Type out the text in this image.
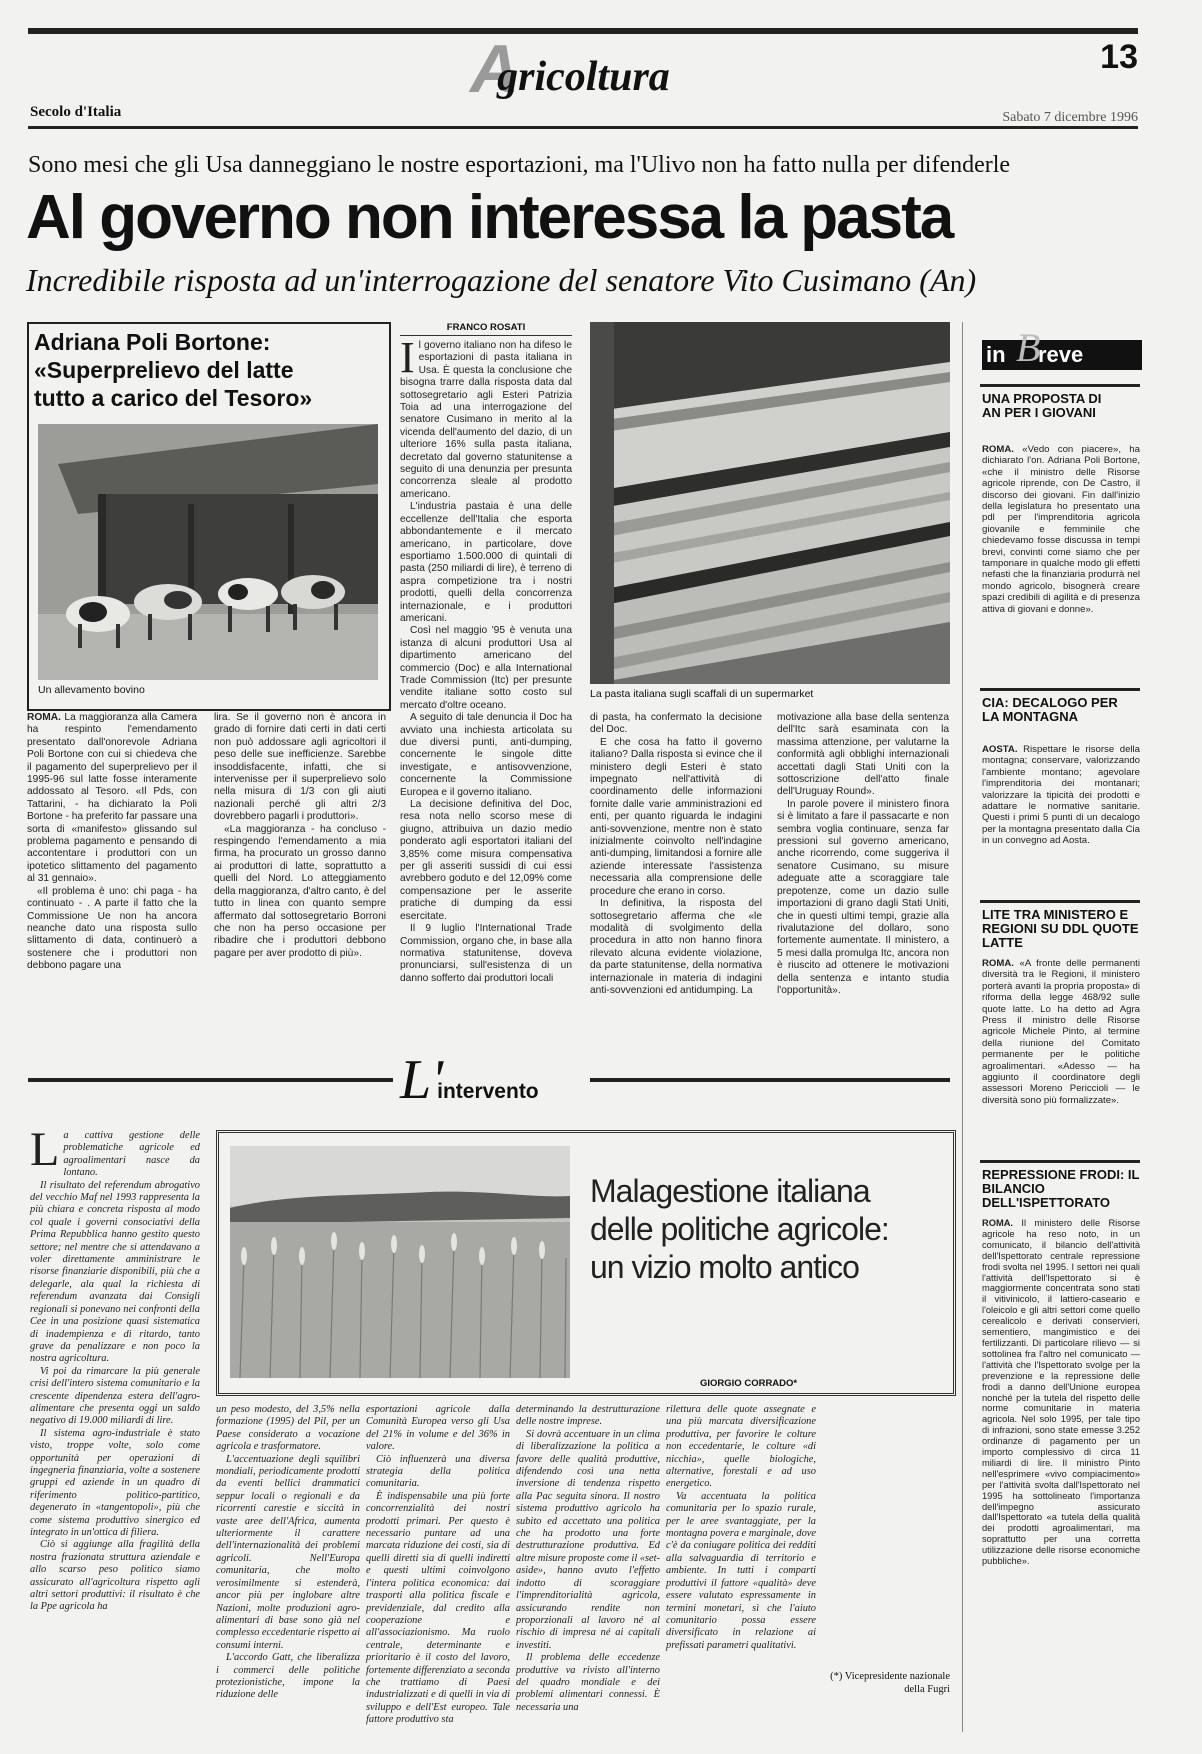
Agricoltura	13
Secolo d'Italia	Sabato 7 dicembre 1996
Sono mesi che gli Usa danneggiano le nostre esportazioni, ma l'Ulivo non ha fatto nulla per difenderle
Al governo non interessa la pasta
Incredibile risposta ad un'interrogazione del senatore Vito Cusimano (An)
Adriana Poli Bortone:
«Superprelievo del latte
tutto a carico del Tesoro»
Un allevamento bovino

ROMA. La maggioranza alla Camera ha respinto l'emendamento presentato dall'onorevole Adriana Poli Bortone con cui si chiedeva che il pagamento del superprelievo per il 1995-96 sul latte fosse interamente addossato al Tesoro. «Il Pds, con Tattarini, - ha dichiarato la Poli Bortone - ha preferito far passare una sorta di «manifesto» glissando sul problema pagamento e pensando di accontentare i produttori con un ipotetico slittamento del pagamento al 31 gennaio».

«Il problema è uno: chi paga - ha continuato - . A parte il fatto che la Commissione Ue non ha ancora neanche dato una risposta sullo slittamento di data, continuerò a sostenere che i produttori non debbono pagare una

lira. Se il governo non è ancora in grado di fornire dati certi in dati certi non può addossare agli agricoltori il peso delle sue inefficienze. Sarebbe insoddisfacente, infatti, che si intervenisse per il superprelievo solo nella misura di 1/3 con gli aiuti nazionali perché gli altri 2/3 dovrebbero pagarli i produttori».

«La maggioranza - ha concluso - respingendo l'emendamento a mia firma, ha procurato un grosso danno ai produttori di latte, soprattutto a quelli del Nord. Lo atteggiamento della maggioranza, d'altro canto, è del tutto in linea con quanto sempre affermato dal sottosegretario Borroni che non ha perso occasione per ribadire che i produttori debbono pagare per aver prodotto di più».

FRANCO ROSATI

Il governo italiano non ha difeso le esportazioni di pasta italiana in Usa. È questa la conclusione che bisogna trarre dalla risposta data dal sottosegretario agli Esteri Patrizia Toia ad una interrogazione del senatore Cusimano in merito al la vicenda dell'aumento del dazio, di un ulteriore 16% sulla pasta italiana, decretato dal governo statunitense a seguito di una denunzia per presunta concorrenza sleale al prodotto americano.

L'industria pastaia è una delle eccellenze dell'Italia che esporta abbondantemente e il mercato americano, in particolare, dove esportiamo 1.500.000 di quintali di pasta (250 miliardi di lire), è terreno di aspra competizione tra i nostri prodotti, quelli della concorrenza internazionale, e i produttori americani.

Così nel maggio '95 è venuta una istanza di alcuni produttori Usa al dipartimento americano del commercio (Doc) e alla International Trade Commission (Itc) per presunte vendite italiane sotto costo sul mercato d'oltre oceano.

A seguito di tale denuncia il Doc ha avviato una inchiesta articolata su due diversi punti, anti-dumping, concernente le singole ditte investigate, e antisovvenzione, concernente la Commissione Europea e il governo italiano.

La decisione definitiva del Doc, resa nota nello scorso mese di giugno, attribuiva un dazio medio ponderato agli esportatori italiani del 3,85% come misura compensativa per gli asseriti sussidi di cui essi avrebbero goduto e del 12,09% come compensazione per le asserite pratiche di dumping da essi esercitate.

Il 9 luglio l'International Trade Commission, organo che, in base alla normativa statunitense, doveva pronunciarsi, sull'esistenza di un danno sofferto dai produttori locali

La pasta italiana sugli scaffali di un supermarket

di pasta, ha confermato la decisione del Doc.

E che cosa ha fatto il governo italiano? Dalla risposta si evince che il ministero degli Esteri è stato impegnato nell'attività di coordinamento delle informazioni fornite dalle varie amministrazioni ed enti, per quanto riguarda le indagini anti-sovvenzione, mentre non è stato inizialmente coinvolto nell'indagine anti-dumping, limitandosi a fornire alle aziende interessate l'assistenza necessaria alla comprensione delle procedure che erano in corso.

In definitiva, la risposta del sottosegretario afferma che «le modalità di svolgimento della procedura in atto non hanno finora rilevato alcuna evidente violazione, da parte statunitense, della normativa internazionale in materia di indagini anti-sovvenzioni ed antidumping. La

motivazione alla base della sentenza dell'Itc sarà esaminata con la massima attenzione, per valutarne la conformità agli obblighi internazionali accettati dagli Stati Uniti con la sottoscrizione dell'atto finale dell'Uruguay Round».

In parole povere il ministero finora si è limitato a fare il passacarte e non sembra voglia continuare, senza far pressioni sul governo americano, anche ricorrendo, come suggeriva il senatore Cusimano, su misure adeguate atte a scoraggiare tale prepotenze, come un dazio sulle importazioni di grano dagli Stati Uniti, che in questi ultimi tempi, grazie alla rivalutazione del dollaro, sono fortemente aumentate. Il ministero, a 5 mesi dalla promulga Itc, ancora non è riuscito ad ottenere le motivazioni della sentenza e intanto studia l'opportunità».

in B
reve
UNA PROPOSTA DI AN PER I GIOVANI
ROMA. «Vedo con piacere», ha dichiarato l'on. Adriana Poli Bortone, «che il ministro delle Risorse agricole riprende, con De Castro, il discorso dei giovani. Fin dall'inizio della legislatura ho presentato una pdl per l'imprenditoria agricola giovanile e femminile che chiedevamo fosse discussa in tempi brevi, convinti come siamo che per tamponare in qualche modo gli effetti nefasti che la finanziaria produrrà nel mondo agricolo, bisognerà creare spazi credibili di agilità e di presenza attiva di giovani e donne».
CIA: DECALOGO PER LA MONTAGNA
AOSTA. Rispettare le risorse della montagna; conservare, valorizzando l'ambiente montano; agevolare l'imprenditoria dei montanari; valorizzare la tipicità dei prodotti e adattare le normative sanitarie. Questi i primi 5 punti di un decalogo per la montagna presentato dalla Cia in un convegno ad Aosta.
LITE TRA MINISTERO E REGIONI SU DDL QUOTE LATTE
ROMA. «A fronte delle permanenti diversità tra le Regioni, il ministero porterà avanti la propria proposta» di riforma della legge 468/92 sulle quote latte. Lo ha detto ad Agra Press il ministro delle Risorse agricole Michele Pinto, al termine della riunione del Comitato permanente per le politiche agroalimentari. «Adesso — ha aggiunto il coordinatore degli assessori Moreno Periccioli — le diversità sono più formalizzate».
REPRESSIONE FRODI: IL BILANCIO DELL'ISPETTORATO
ROMA. Il ministero delle Risorse agricole ha reso noto, in un comunicato, il bilancio dell'attività dell'Ispettorato centrale repressione frodi svolta nel 1995. I settori nei quali l'attività dell'Ispettorato si è maggiormente concentrata sono stati il vitivinicolo, il lattiero-caseario e l'oleicolo e gli altri settori come quello cerealicolo e derivati conservieri, sementiero, mangimistico e dei fertilizzanti. Di particolare rilievo — si sottolinea fra l'altro nel comunicato — l'attività che l'Ispettorato svolge per la prevenzione e la repressione delle frodi a danno dell'Unione europea nonché per la tutela del rispetto delle norme comunitarie in materia agricola. Nel solo 1995, per tale tipo di infrazioni, sono state emesse 3.252 ordinanze di pagamento per un importo complessivo di circa 11 miliardi di lire. Il ministro Pinto nell'esprimere «vivo compiacimento» per l'attività svolta dall'Ispettorato nel 1995 ha sottolineato l'importanza dell'impegno assicurato dall'Ispettorato «a tutela della qualità dei prodotti agroalimentari, ma soprattutto per una corretta utilizzazione delle risorse economiche pubbliche».
L'intervento

La cattiva gestione delle problematiche agricole ed agroalimentari nasce da lontano.

Il risultato del referendum abrogativo del vecchio Maf nel 1993 rappresenta la più chiara e concreta risposta al modo col quale i governi consociativi della Prima Repubblica hanno gestito questo settore; nel mentre che si attendavano a voler direttamente amministrare le risorse finanziarie disponibili, più che a delegarle, ala qual la richiesta di referendum avanzata dai Consigli regionali si ponevano nei confronti della Cee in una posizione quasi sistematica di inadempienza e di ritardo, tanto grave da penalizzare e non poco la nostra agricoltura.

Vi poi da rimarcare la più generale crisi dell'intero sistema comunitario e la crescente dipendenza estera dell'agro-alimentare che presenta oggi un saldo negativo di 19.000 miliardi di lire.

Il sistema agro-industriale è stato visto, troppe volte, solo come opportunità per operazioni di ingegneria finanziaria, volte a sostenere gruppi ed aziende in un quadro di riferimento politico-partitico, degenerato in «tangentopoli», più che come sistema produttivo sinergico ed integrato in un'ottica di filiera.

Ciò si aggiunge alla fragilità della nostra frazionata struttura aziendale e allo scarso peso politico siamo assicurato all'agricoltura rispetto agli altri settori produttivi: il risultato è che la Ppe agricola ha

Malagestione italiana delle politiche agricole: un vizio molto antico
GIORGIO CORRADO*

un peso modesto, del 3,5% nella formazione (1995) del Pil, per un Paese considerato a vocazione agricola e trasformatore.

L'accentuazione degli squilibri mondiali, periodicamente prodotti da eventi bellici drammatici seppur locali o regionali e da ricorrenti carestie e siccità in vaste aree dell'Africa, aumenta ulteriormente il carattere dell'internazionalità dei problemi agricoli. Nell'Europa comunitaria, che molto verosimilmente si estenderà, ancor più per inglobare altre Nazioni, molte produzioni agro-alimentari di base sono già nel complesso eccedentarie rispetto ai consumi interni.

L'accordo Gatt, che liberalizza i commerci delle politiche protezionistiche, impone la riduzione delle

esportazioni agricole dalla Comunità Europea verso gli Usa del 21% in volume e del 36% in valore.

Ciò influenzerà una diversa strategia della politica comunitaria.

È indispensabile una più forte concorrenzialità dei nostri prodotti primari. Per questo è necessario puntare ad una marcata riduzione dei costi, sia di quelli diretti sia di quelli indiretti e questi ultimi coinvolgono l'intera politica economica: dai trasporti alla politica fiscale e previdenziale, dal credito alla cooperazione e all'associazionismo. Ma ruolo centrale, determinante e prioritario è il costo del lavoro, fortemente differenziato a seconda che trattiamo di Paesi industrializzati e di quelli in via di sviluppo e dell'Est europeo. Tale fattore produttivo sta

determinando la destrutturazione delle nostre imprese.

Si dovrà accentuare in un clima di liberalizzazione la politica a favore delle qualità produttive, difendendo così una netta inversione di tendenza rispetto alla Pac seguita sinora. Il nostro sistema produttivo agricolo ha subito ed accettato una politica che ha prodotto una forte destrutturazione produttiva. Ed altre misure proposte come il «set-aside», hanno avuto l'effetto indotto di scoraggiare l'imprenditorialità agricola, assicurando rendite non proporzionali al lavoro né al rischio di impresa né ai capitali investiti.

Il problema delle eccedenze produttive va rivisto all'interno del quadro mondiale e dei problemi alimentari connessi. È necessaria una

rilettura delle quote assegnate e una più marcata diversificazione produttiva, per favorire le colture non eccedentarie, le colture «di nicchia», quelle biologiche, alternative, forestali e ad uso energetico.

Va accentuata la politica comunitaria per lo spazio rurale, per le aree svantaggiate, per la montagna povera e marginale, dove c'è da coniugare politica dei redditi alla salvaguardia di territorio e ambiente. In tutti i comparti produttivi il fattore «qualità» deve essere valutato espressamente in termini monetari, sì che l'aiuto comunitario possa essere diversificato in relazione ai prefissati parametri qualitativi.

(*) Vicepresidente nazionale
della Fugri
